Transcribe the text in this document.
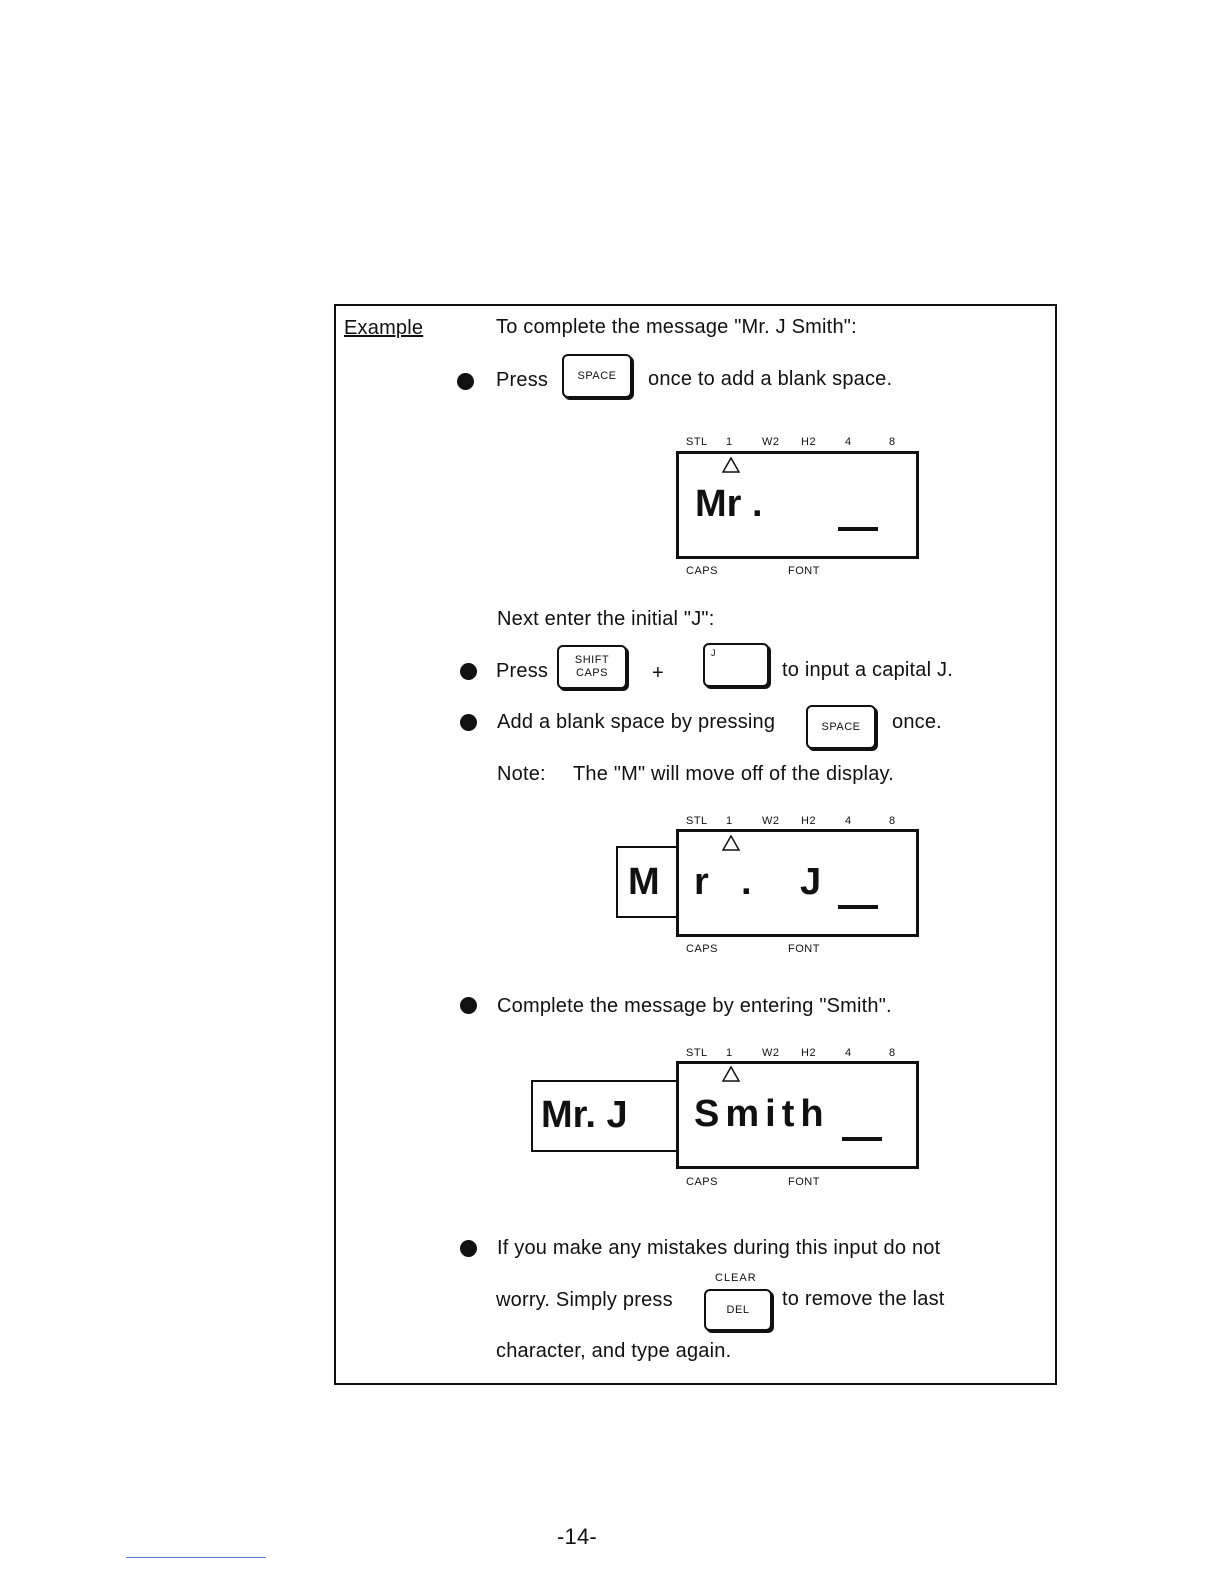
Example	To complete the message "Mr. J Smith":
Press	SPACE once to add a blank space.
STL 1	W2 H2	4	8
Mr .
CAPS	FONT
Next enter the initial "J":
Press SHIFT
CAPS +
J
to input a capital J.
Add a blank space by pressing	SPACE once.
Note: The "M" will move off of the display.
STL 1	W2 H2	4	8
M r . J
CAPS	FONT
Complete the message by entering "Smith".
STL 1	W2 H2	4	8
Mr. J Smith
CAPS	FONT
If you make any mistakes during this input do not
CLEAR
worry. Simply press	DEL to remove the last
character, and type again.
-14-
